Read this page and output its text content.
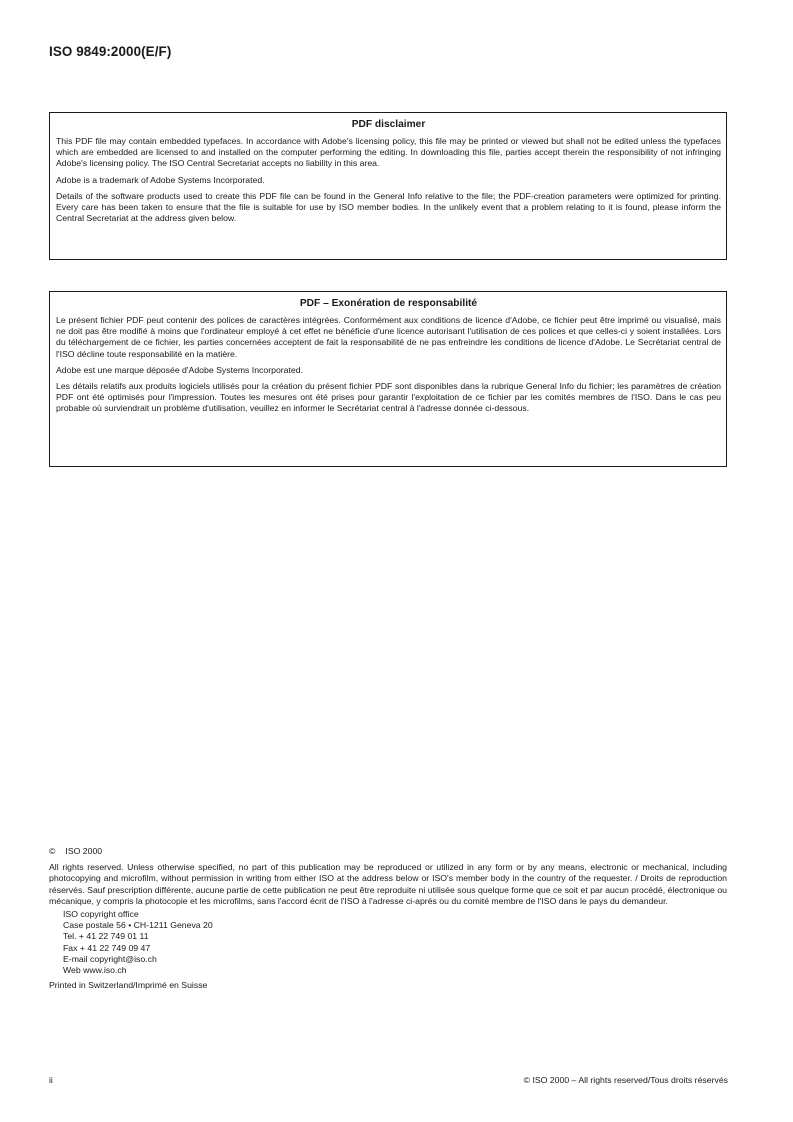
ISO 9849:2000(E/F)
PDF disclaimer

This PDF file may contain embedded typefaces. In accordance with Adobe's licensing policy, this file may be printed or viewed but shall not be edited unless the typefaces which are embedded are licensed to and installed on the computer performing the editing. In downloading this file, parties accept therein the responsibility of not infringing Adobe's licensing policy. The ISO Central Secretariat accepts no liability in this area.

Adobe is a trademark of Adobe Systems Incorporated.

Details of the software products used to create this PDF file can be found in the General Info relative to the file; the PDF-creation parameters were optimized for printing. Every care has been taken to ensure that the file is suitable for use by ISO member bodies. In the unlikely event that a problem relating to it is found, please inform the Central Secretariat at the address given below.

PDF – Exonération de responsabilité

Le présent fichier PDF peut contenir des polices de caractères intégrées. Conformément aux conditions de licence d'Adobe, ce fichier peut être imprimé ou visualisé, mais ne doit pas être modifié à moins que l'ordinateur employé à cet effet ne bénéficie d'une licence autorisant l'utilisation de ces polices et que celles-ci y soient installées. Lors du téléchargement de ce fichier, les parties concernées acceptent de fait la responsabilité de ne pas enfreindre les conditions de licence d'Adobe. Le Secrétariat central de l'ISO décline toute responsabilité en la matière.

Adobe est une marque déposée d'Adobe Systems Incorporated.

Les détails relatifs aux produits logiciels utilisés pour la création du présent fichier PDF sont disponibles dans la rubrique General Info du fichier; les paramètres de création PDF ont été optimisés pour l'impression. Toutes les mesures ont été prises pour garantir l'exploitation de ce fichier par les comités membres de l'ISO. Dans le cas peu probable où surviendrait un problème d'utilisation, veuillez en informer le Secrétariat central à l'adresse donnée ci-dessous.

© ISO 2000

All rights reserved. Unless otherwise specified, no part of this publication may be reproduced or utilized in any form or by any means, electronic or mechanical, including photocopying and microfilm, without permission in writing from either ISO at the address below or ISO's member body in the country of the requester. / Droits de reproduction réservés. Sauf prescription différente, aucune partie de cette publication ne peut être reproduite ni utilisée sous quelque forme que ce soit et par aucun procédé, électronique ou mécanique, y compris la photocopie et les microfilms, sans l'accord écrit de l'ISO à l'adresse ci-après ou du comité membre de l'ISO dans le pays du demandeur.

ISO copyright office
Case postale 56 • CH-1211 Geneva 20
Tel. + 41 22 749 01 11
Fax + 41 22 749 09 47
E-mail copyright@iso.ch
Web www.iso.ch

Printed in Switzerland/Imprimé en Suisse

ii	© ISO 2000 – All rights reserved/Tous droits réservés
